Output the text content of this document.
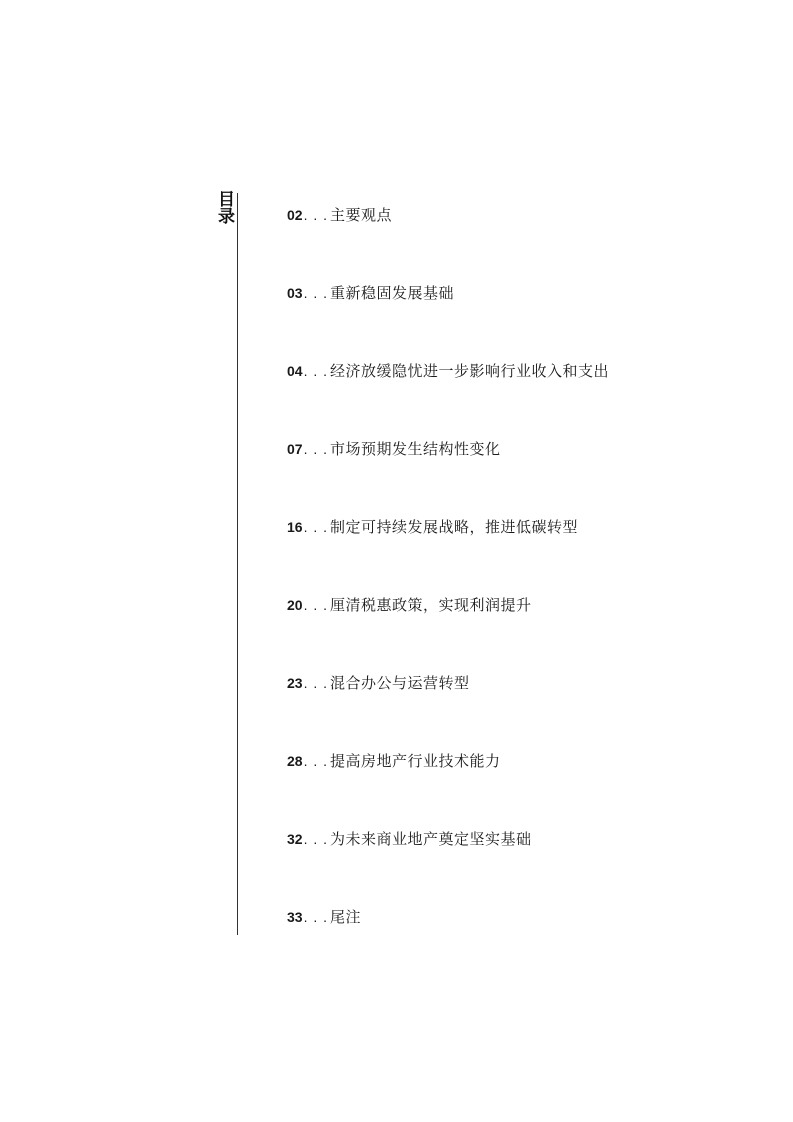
目录	02 . . . 主要观点
03 . . . 重新稳固发展基础
04 . . . 经济放缓隐忧进一步影响行业收入和支出
07 . . . 市场预期发生结构性变化
16 . . . 制定可持续发展战略，推进低碳转型
20 . . . 厘清税惠政策，实现利润提升
23 . . . 混合办公与运营转型
28 . . . 提高房地产行业技术能力
32 . . . 为未来商业地产奠定坚实基础
33 . . . 尾注
